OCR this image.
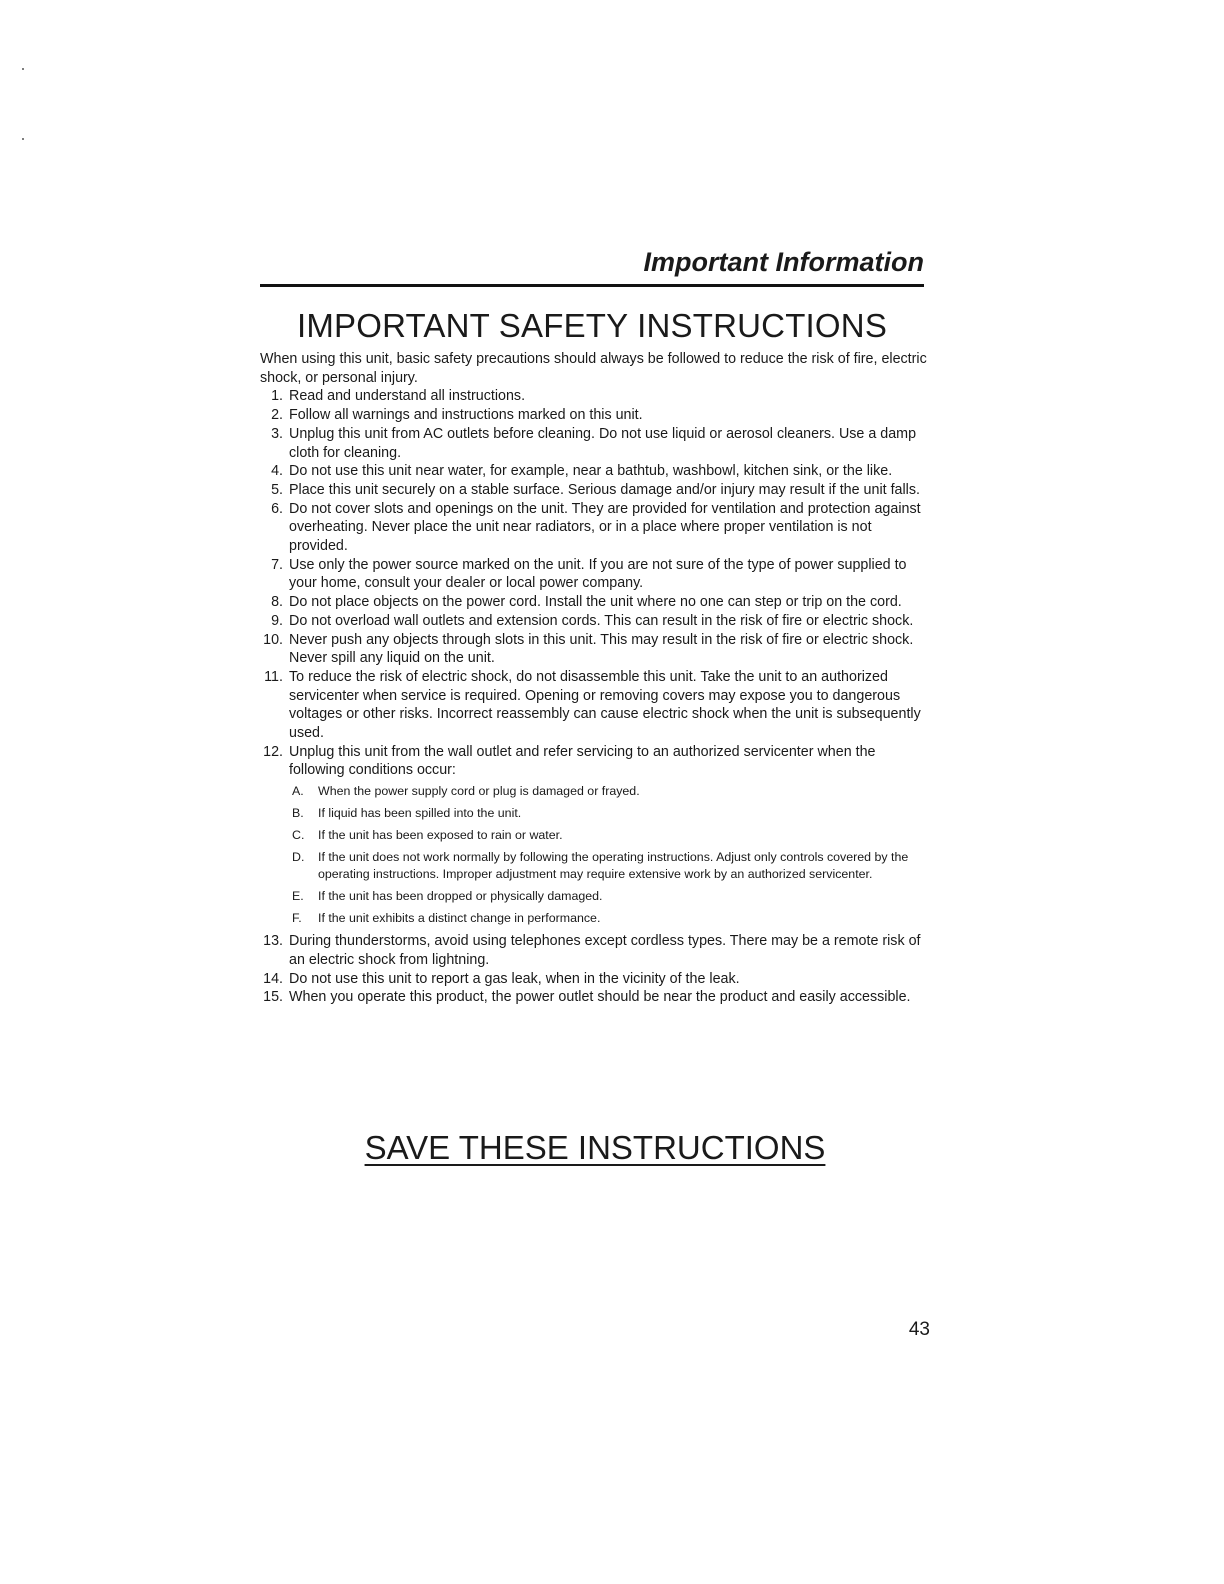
Important Information
IMPORTANT SAFETY INSTRUCTIONS

When using this unit, basic safety precautions should always be followed to reduce the risk of fire, electric shock, or personal injury.

1. Read and understand all instructions.
2. Follow all warnings and instructions marked on this unit.
3. Unplug this unit from AC outlets before cleaning. Do not use liquid or aerosol cleaners. Use a damp cloth for cleaning.
4. Do not use this unit near water, for example, near a bathtub, washbowl, kitchen sink, or the like.
5. Place this unit securely on a stable surface. Serious damage and/or injury may result if the unit falls.
6. Do not cover slots and openings on the unit. They are provided for ventilation and protection against overheating. Never place the unit near radiators, or in a place where proper ventilation is not provided.
7. Use only the power source marked on the unit. If you are not sure of the type of power supplied to your home, consult your dealer or local power company.
8. Do not place objects on the power cord. Install the unit where no one can step or trip on the cord.
9. Do not overload wall outlets and extension cords. This can result in the risk of fire or electric shock.
10. Never push any objects through slots in this unit. This may result in the risk of fire or electric shock. Never spill any liquid on the unit.
11. To reduce the risk of electric shock, do not disassemble this unit. Take the unit to an authorized servicenter when service is required. Opening or removing covers may expose you to dangerous voltages or other risks. Incorrect reassembly can cause electric shock when the unit is subsequently used.
12. Unplug this unit from the wall outlet and refer servicing to an authorized servicenter when the following conditions occur:
A.	When the power supply cord or plug is damaged or frayed.
B.	If liquid has been spilled into the unit.
C.	If the unit has been exposed to rain or water.
D.	If the unit does not work normally by following the operating instructions. Adjust only controls covered by the operating instructions. Improper adjustment may require extensive work by an authorized servicenter.
E.	If the unit has been dropped or physically damaged.
F.	If the unit exhibits a distinct change in performance.
13. During thunderstorms, avoid using telephones except cordless types. There may be a remote risk of an electric shock from lightning.
14. Do not use this unit to report a gas leak, when in the vicinity of the leak.
15. When you operate this product, the power outlet should be near the product and easily accessible.
SAVE THESE INSTRUCTIONS
43
